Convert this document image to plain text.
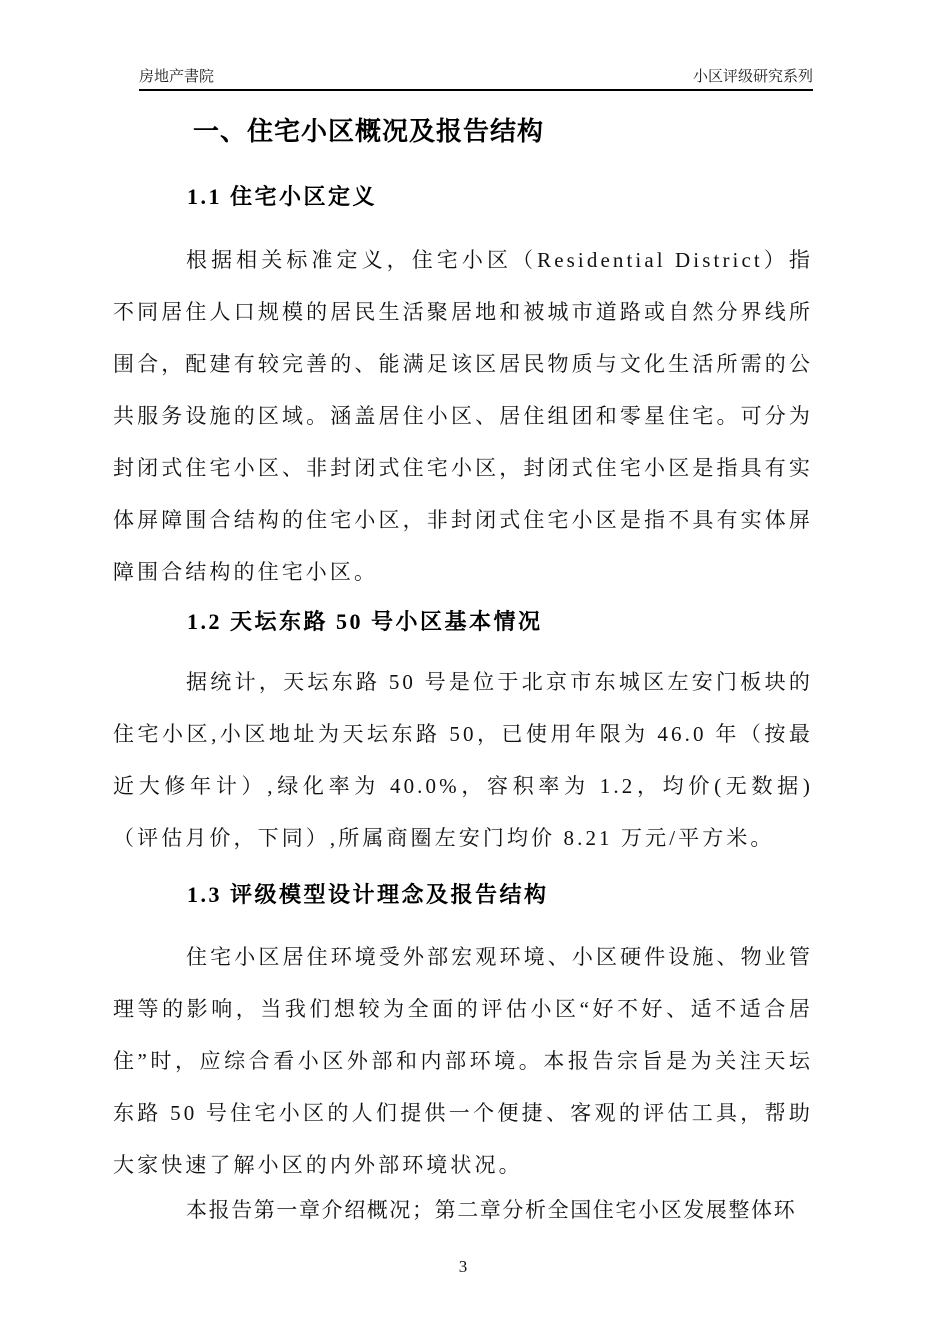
房地产書院	小区评级研究系列
一、住宅小区概况及报告结构
1.1 住宅小区定义

根据相关标准定义，住宅小区（Residential District）指不同居住人口规模的居民生活聚居地和被城市道路或自然分界线所围合，配建有较完善的、能满足该区居民物质与文化生活所需的公共服务设施的区域。涵盖居住小区、居住组团和零星住宅。可分为封闭式住宅小区、非封闭式住宅小区，封闭式住宅小区是指具有实体屏障围合结构的住宅小区，非封闭式住宅小区是指不具有实体屏障围合结构的住宅小区。

1.2 天坛东路 50 号小区基本情况

据统计，天坛东路 50 号是位于北京市东城区左安门板块的住宅小区,小区地址为天坛东路 50，已使用年限为 46.0 年（按最近大修年计）,绿化率为 40.0%，容积率为 1.2，均价(无数据)（评估月价，下同）,所属商圈左安门均价 8.21 万元/平方米。

1.3 评级模型设计理念及报告结构

住宅小区居住环境受外部宏观环境、小区硬件设施、物业管理等的影响，当我们想较为全面的评估小区“好不好、适不适合居住”时，应综合看小区外部和内部环境。本报告宗旨是为关注天坛东路 50 号住宅小区的人们提供一个便捷、客观的评估工具，帮助大家快速了解小区的内外部环境状况。

本报告第一章介绍概况；第二章分析全国住宅小区发展整体环

3
